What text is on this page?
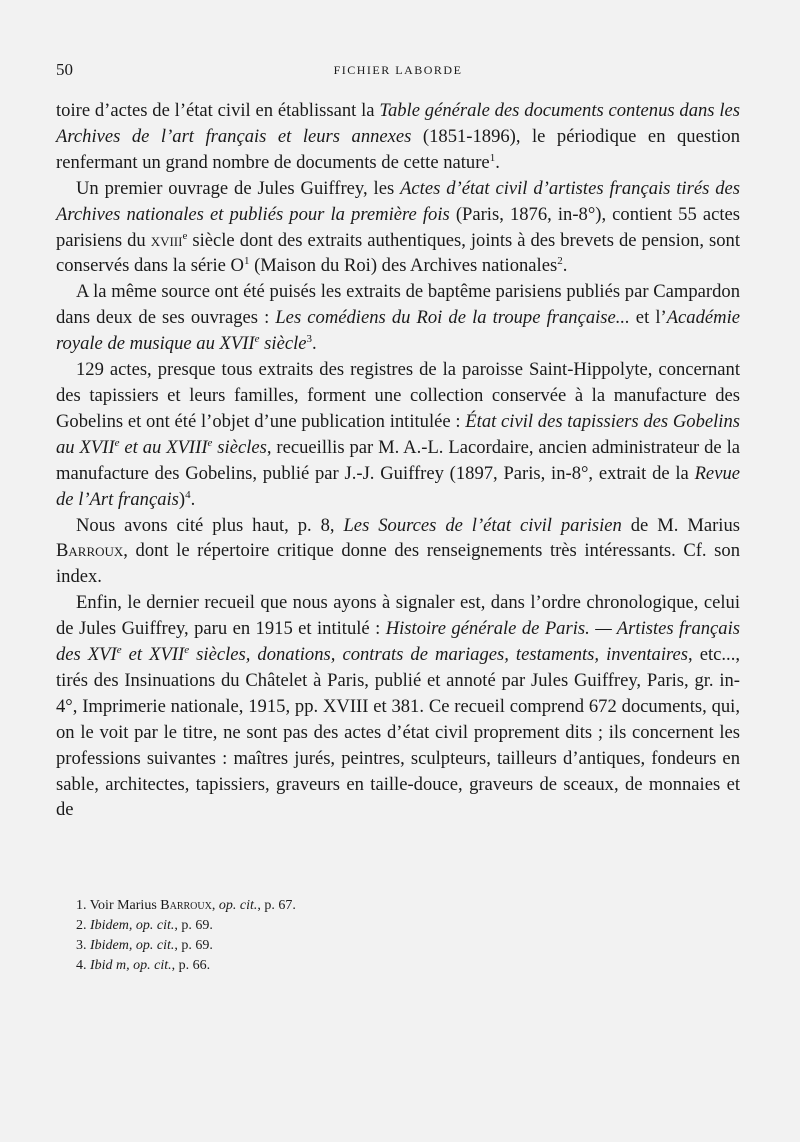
50	FICHIER LABORDE

toire d’actes de l’état civil en établissant la Table générale des documents contenus dans les Archives de l’art français et leurs annexes (1851-1896), le périodique en question renfermant un grand nombre de documents de cette nature$^1$.

Un premier ouvrage de Jules Guiffrey, les Actes d’état civil d’artistes français tirés des Archives nationales et publiés pour la première fois (Paris, 1876, in-8°), contient 55 actes parisiens du xviii$^e$ siècle dont des extraits authentiques, joints à des brevets de pension, sont conservés dans la série $O^1$ (Maison du Roi) des Archives nationales$^2$.

A la même source ont été puisés les extraits de baptême parisiens publiés par Campardon dans deux de ses ouvrages : Les comédiens du Roi de la troupe française... et l’Académie royale de musique au XVIIe siècle$^3$.

129 actes, presque tous extraits des registres de la paroisse Saint-Hippolyte, concernant des tapissiers et leurs familles, forment une collection conservée à la manufacture des Gobelins et ont été l’objet d’une publication intitulée : État civil des tapissiers des Gobelins au XVIIe et au XVIIIe siècles, recueillis par M. A.-L. Lacordaire, ancien administrateur de la manufacture des Gobelins, publié par J.-J. Guiffrey (1897, Paris, in-8°, extrait de la Revue de l’Art français)$^4$.

Nous avons cité plus haut, p. 8, Les Sources de l’état civil parisien de M. Marius Barroux, dont le répertoire critique donne des renseignements très intéressants. Cf. son index.

Enfin, le dernier recueil que nous ayons à signaler est, dans l’ordre chronologique, celui de Jules Guiffrey, paru en 1915 et intitulé : Histoire générale de Paris. — Artistes français des XVIe et XVIIe siècles, donations, contrats de mariages, testaments, inventaires, etc..., tirés des Insinuations du Châtelet à Paris, publié et annoté par Jules Guiffrey, Paris, gr. in-4°, Imprimerie nationale, 1915, pp. XVIII et 381. Ce recueil comprend 672 documents, qui, on le voit par le titre, ne sont pas des actes d’état civil proprement dits ; ils concernent les professions suivantes : maîtres jurés, peintres, sculpteurs, tailleurs d’antiques, fondeurs en sable, architectes, tapissiers, graveurs en taille-douce, graveurs de sceaux, de monnaies et de

1. Voir Marius Barroux, op. cit., p. 67.
2. Ibidem, op. cit., p. 69.
3. Ibidem, op. cit., p. 69.
4. Ibid m, op. cit., p. 66.
